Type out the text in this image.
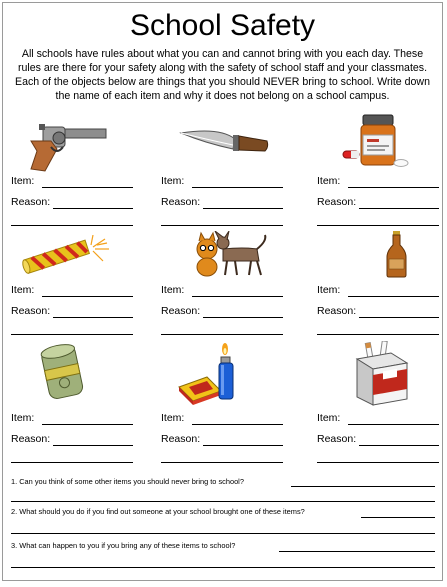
School Safety
All schools have rules about what you can and cannot bring with you each day. These rules are there for your safety along with the safety of school staff and your classmates. Each of the objects below are things that you should NEVER bring to school. Write down the name of each item and why it does not belong on a school campus.
Item:
Reason:
Item:
Reason:
Item:
Reason:
Item:
Reason:
Item:
Reason:
Item:
Reason:
Item:
Reason:
Item:
Reason:
Item:
Reason:
1. Can you think of some other items you should never bring to school?
2. What should you do if you find out someone at your school brought one of these items?
3. What can happen to you if you bring any of these items to school?
